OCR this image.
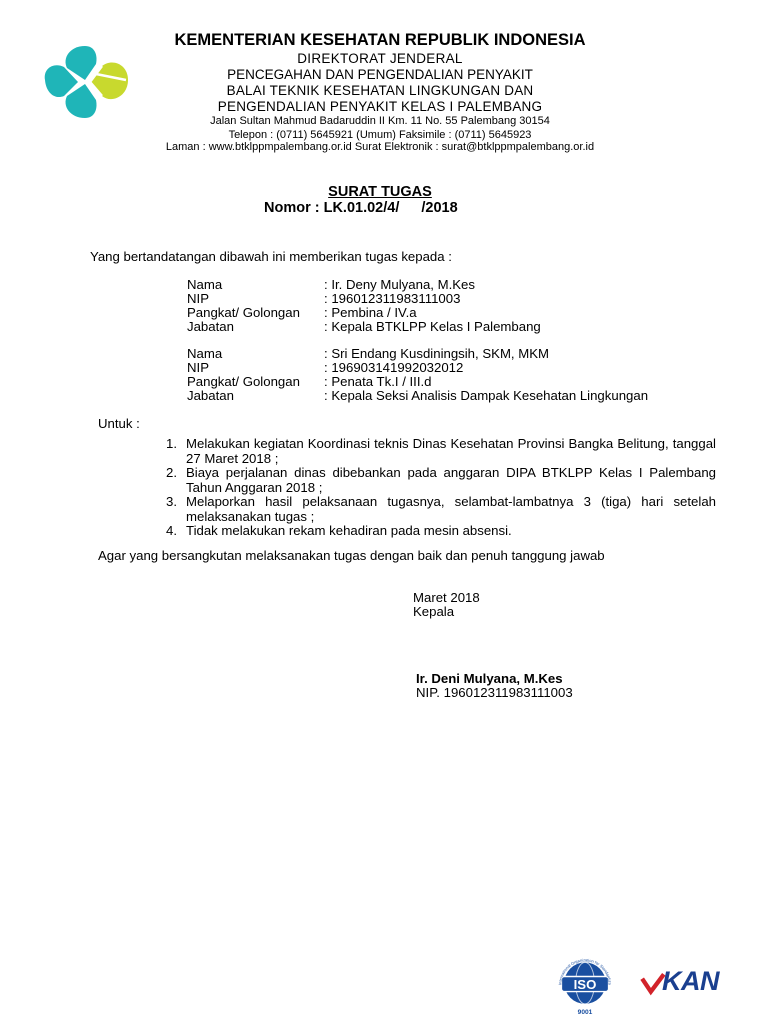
KEMENTERIAN KESEHATAN REPUBLIK INDONESIA
DIREKTORAT JENDERAL
PENCEGAHAN DAN PENGENDALIAN PENYAKIT
BALAI TEKNIK KESEHATAN LINGKUNGAN DAN
PENGENDALIAN PENYAKIT KELAS I PALEMBANG
Jalan Sultan Mahmud Badaruddin II Km. 11 No. 55 Palembang 30154
Telepon : (0711) 5645921 (Umum) Faksimile : (0711) 5645923
Laman : www.btklppmpalembang.or.id Surat Elektronik : surat@btklppmpalembang.or.id
SURAT TUGAS
Nomor : LK.01.02/4/ /2018
Yang bertandatangan dibawah ini memberikan tugas kepada :
Nama	: Ir. Deny Mulyana, M.Kes
NIP	: 196012311983111003
Pangkat/ Golongan : Pembina / IV.a
Jabatan	: Kepala BTKLPP Kelas I Palembang
Nama	: Sri Endang Kusdiningsih, SKM, MKM
NIP	: 196903141992032012
Pangkat/ Golongan : Penata Tk.I / III.d
Jabatan	: Kepala Seksi Analisis Dampak Kesehatan Lingkungan
Untuk :
1. Melakukan kegiatan Koordinasi teknis Dinas Kesehatan Provinsi Bangka Belitung, tanggal 27 Maret 2018 ;
2. Biaya perjalanan dinas dibebankan pada anggaran DIPA BTKLPP Kelas I Palembang Tahun Anggaran 2018 ;
3. Melaporkan hasil pelaksanaan tugasnya, selambat-lambatnya 3 (tiga) hari setelah melaksanakan tugas ;
4. Tidak melakukan rekam kehadiran pada mesin absensi.
Agar yang bersangkutan melaksanakan tugas dengan baik dan penuh tanggung jawab
Maret 2018
Kepala
Ir. Deni Mulyana, M.Kes
NIP. 196012311983111003
ISO
International Organization for Standardiza
9001
KAN
